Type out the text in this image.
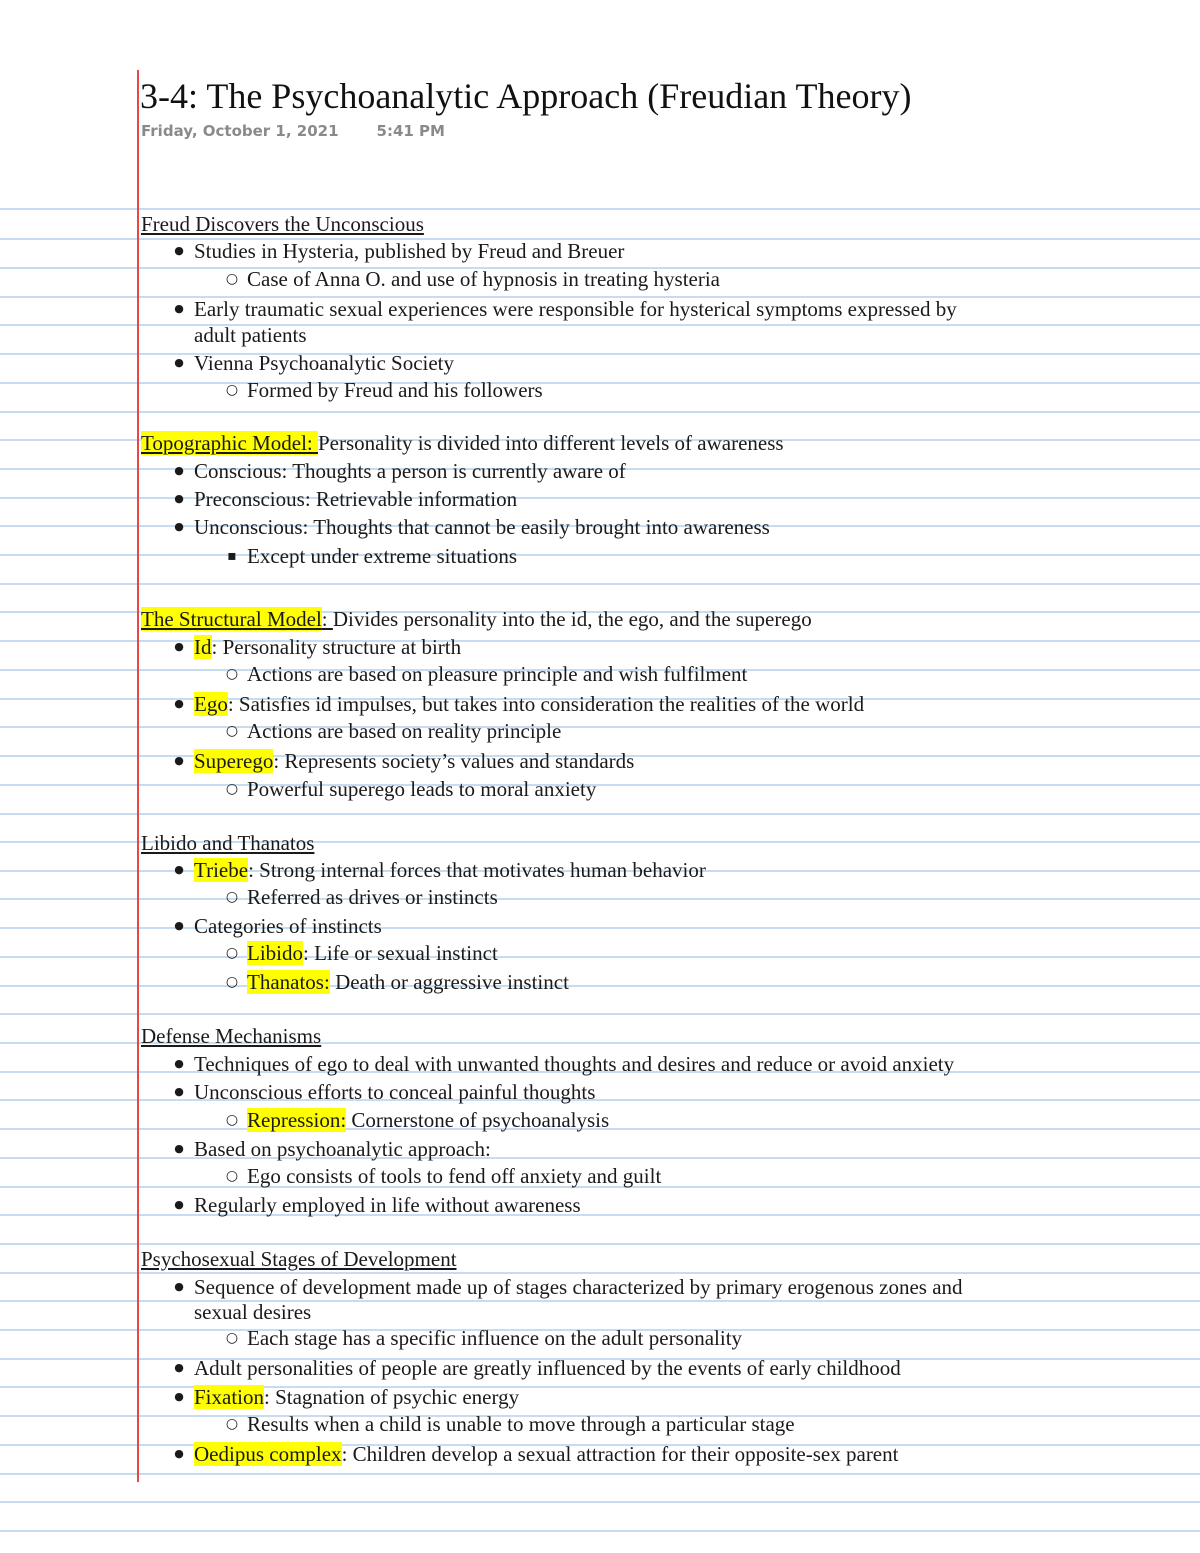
3-4: The Psychoanalytic Approach (Freudian Theory)
Friday, October 1, 2021	5:41 PM
Freud Discovers the Unconscious
● Studies in Hysteria, published by Freud and Breuer
○ Case of Anna O. and use of hypnosis in treating hysteria
● Early traumatic sexual experiences were responsible for hysterical symptoms expressed by
adult patients
● Vienna Psychoanalytic Society
○ Formed by Freud and his followers
Topographic Model: Personality is divided into different levels of awareness
● Conscious: Thoughts a person is currently aware of
● Preconscious: Retrievable information
● Unconscious: Thoughts that cannot be easily brought into awareness
▪ Except under extreme situations
The Structural Model: Divides personality into the id, the ego, and the superego
● Id: Personality structure at birth
○ Actions are based on pleasure principle and wish fulfilment
● Ego: Satisfies id impulses, but takes into consideration the realities of the world
○ Actions are based on reality principle
● Superego: Represents society’s values and standards
○ Powerful superego leads to moral anxiety
Libido and Thanatos
● Triebe: Strong internal forces that motivates human behavior
○ Referred as drives or instincts
● Categories of instincts
○ Libido: Life or sexual instinct
○ Thanatos: Death or aggressive instinct
Defense Mechanisms
● Techniques of ego to deal with unwanted thoughts and desires and reduce or avoid anxiety
● Unconscious efforts to conceal painful thoughts
○ Repression: Cornerstone of psychoanalysis
● Based on psychoanalytic approach:
○ Ego consists of tools to fend off anxiety and guilt
● Regularly employed in life without awareness
Psychosexual Stages of Development
● Sequence of development made up of stages characterized by primary erogenous zones and
sexual desires
○ Each stage has a specific influence on the adult personality
● Adult personalities of people are greatly influenced by the events of early childhood
● Fixation: Stagnation of psychic energy
○ Results when a child is unable to move through a particular stage
● Oedipus complex: Children develop a sexual attraction for their opposite-sex parent
